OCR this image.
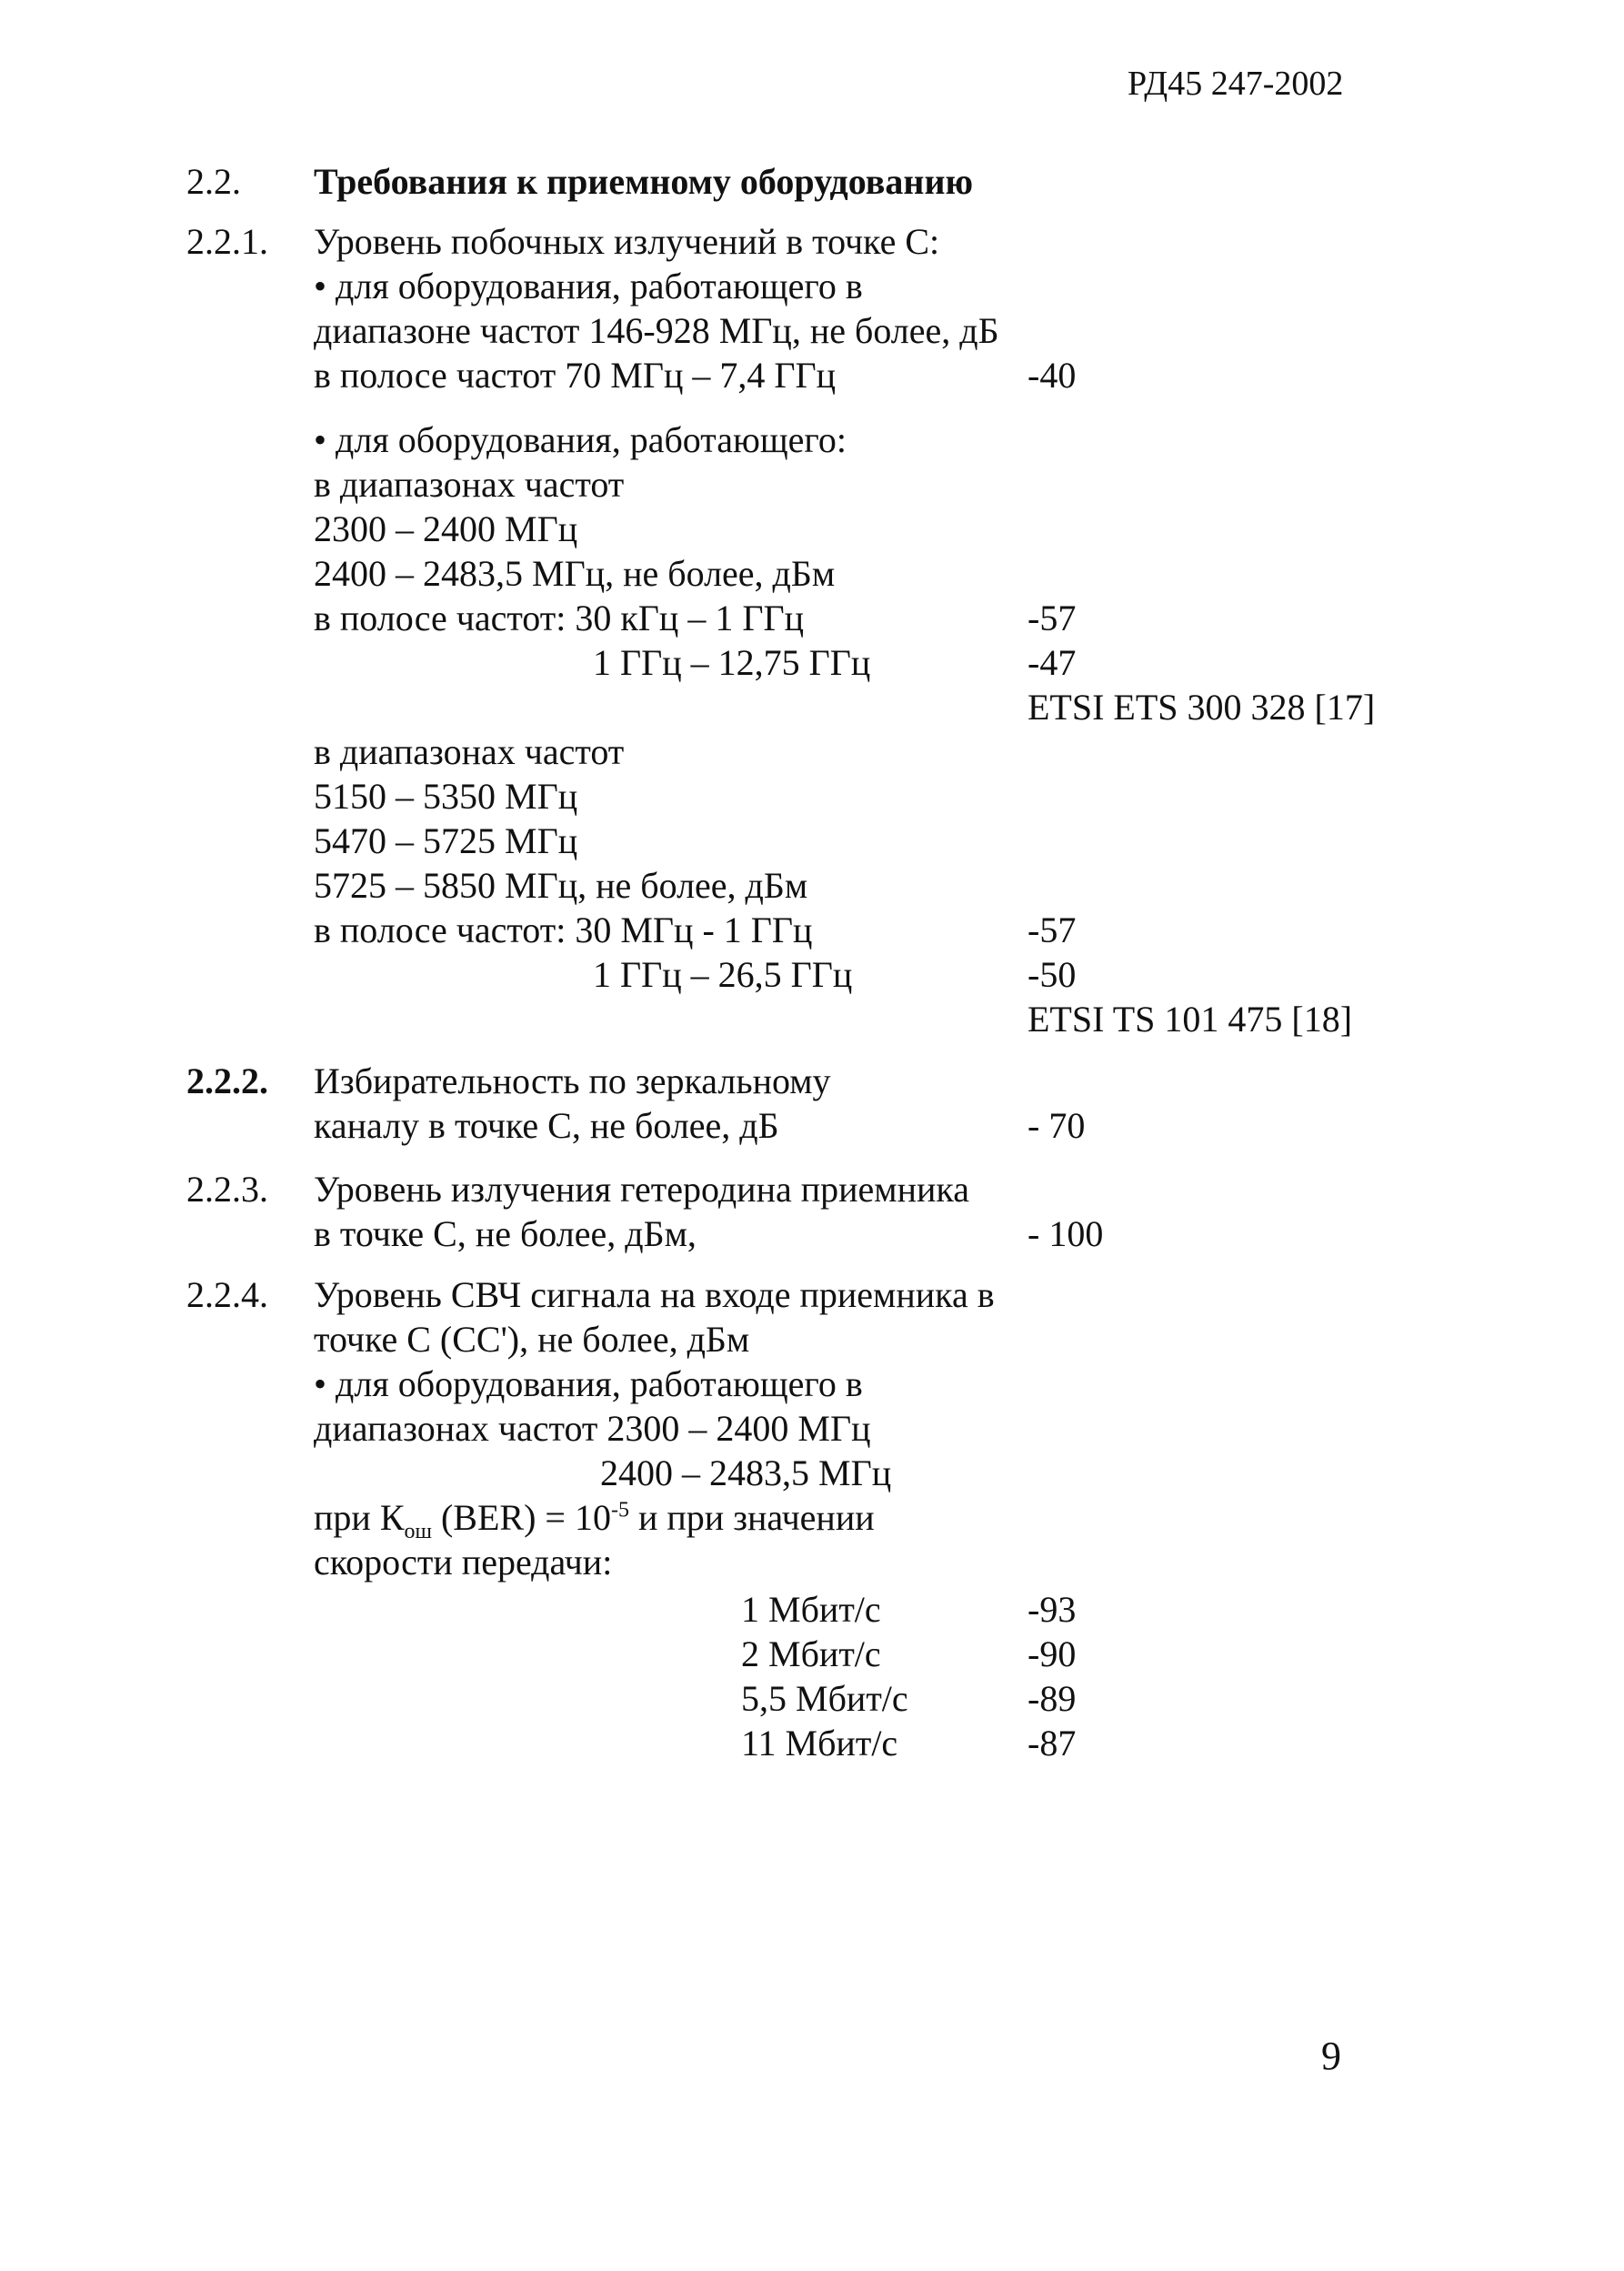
РД45 247-2002
2.2. Требования к приемному оборудованию
2.2.1. Уровень побочных излучений в точке С:
• для оборудования, работающего в
диапазоне частот 146-928 МГц, не более, дБ
в полосе частот 70 МГц – 7,4 ГГц	-40
• для оборудования, работающего:
в диапазонах частот
2300 – 2400 МГц
2400 – 2483,5 МГц, не более, дБм
в полосе частот: 30 кГц – 1 ГГц	-57
1 ГГц – 12,75 ГГц	-47
ETSI ETS 300 328 [17]
в диапазонах частот
5150 – 5350 МГц
5470 – 5725 МГц
5725 – 5850 МГц, не более, дБм
в полосе частот: 30 МГц - 1 ГГц	-57
1 ГГц – 26,5 ГГц	-50
ETSI TS 101 475 [18]
2.2.2. Избирательность по зеркальному
каналу в точке С, не более, дБ	- 70
2.2.3. Уровень излучения гетеродина приемника
в точке С, не более, дБм,	- 100
2.2.4. Уровень СВЧ сигнала на входе приемника в
точке С (СС'), не более, дБм
• для оборудования, работающего в
диапазонах частот 2300 – 2400 МГц
2400 – 2483,5 МГц
при $К_{ош}$ $(BER) = 10^{-5}$ и при значении
скорости передачи:
1 Мбит/с	-93
2 Мбит/с	-90
5,5 Мбит/с	-89
11 Мбит/с	-87
9
